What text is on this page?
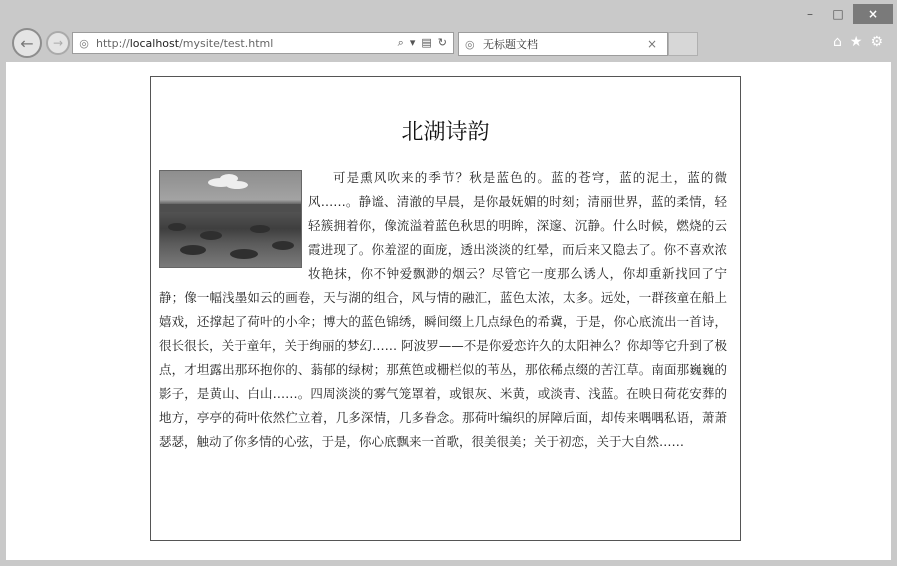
–	□	×
←	→	◎ http://localhost/mysite/test.html	⌕ ▾ ▤ ↻ ◎ 无标题文档	×	⌂ ★ ⚙
北湖诗韵
可是熏风吹来的季节？秋是蓝色的。蓝的苍穹，蓝的泥土，蓝的微风……。静谧、清澈的早晨，是你最妩媚的时刻；清丽世界，蓝的柔情，轻轻簇拥着你，像流溢着蓝色秋思的明眸，深邃、沉静。什么时候，燃烧的云霞进现了。你羞涩的面庞，透出淡淡的红晕，而后来又隐去了。你不喜欢浓妆艳抹，你不钟爱飘渺的烟云？尽管它一度那么诱人，你却重新找回了宁静；像一幅浅墨如云的画卷，天与湖的组合，风与情的融汇，蓝色太浓，太多。远处，一群孩童在船上嬉戏，还撑起了荷叶的小伞；博大的蓝色锦绣，瞬间缀上几点绿色的希冀，于是，你心底流出一首诗，很长很长，关于童年，关于绚丽的梦幻…… 阿波罗——不是你爱恋许久的太阳神么？你却等它升到了极点，才坦露出那环抱你的、蓊郁的绿树；那蕉笆或栅栏似的苇丛，那依稀点缀的苦江草。南面那巍巍的影子，是黄山、白山……。四周淡淡的雾气笼罩着，或银灰、米黄，或淡青、浅蓝。在映日荷花安葬的地方，亭亭的荷叶依然伫立着，几多深情，几多眷念。那荷叶编织的屏障后面，却传来喁喁私语，萧萧瑟瑟，触动了你多情的心弦，于是，你心底飘来一首歌，很美很美；关于初恋，关于大自然……
